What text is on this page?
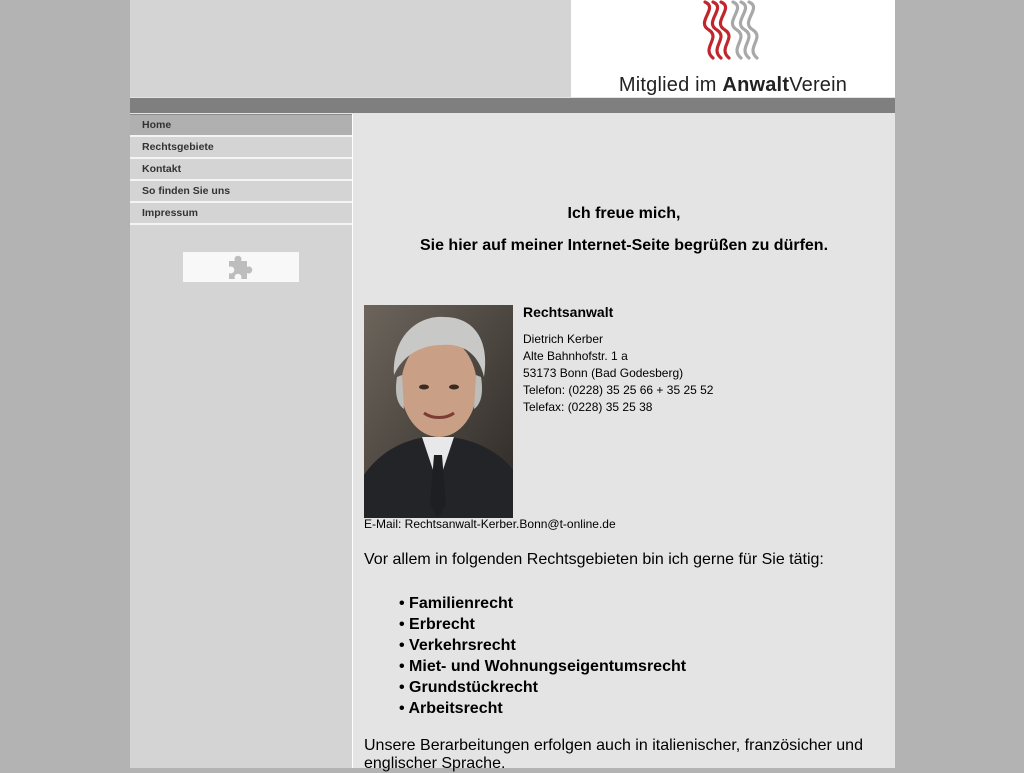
Mitglied im AnwaltVerein
Home
Rechtsgebiete
Kontakt
So finden Sie uns
Impressum	Ich freue mich,
Sie hier auf meiner Internet-Seite begrüßen zu dürfen.
Rechtsanwalt
Dietrich Kerber
Alte Bahnhofstr. 1 a
53173 Bonn (Bad Godesberg)
Telefon: (0228) 35 25 66 + 35 25 52
Telefax: (0228) 35 25 38
E-Mail: Rechtsanwalt-Kerber.Bonn@t-online.de
Vor allem in folgenden Rechtsgebieten bin ich gerne für Sie tätig:
• Familienrecht
• Erbrecht
• Verkehrsrecht
• Miet- und Wohnungseigentumsrecht
• Grundstückrecht
• Arbeitsrecht
Unsere Berarbeitungen erfolgen auch in italienischer, französicher und englischer Sprache.
